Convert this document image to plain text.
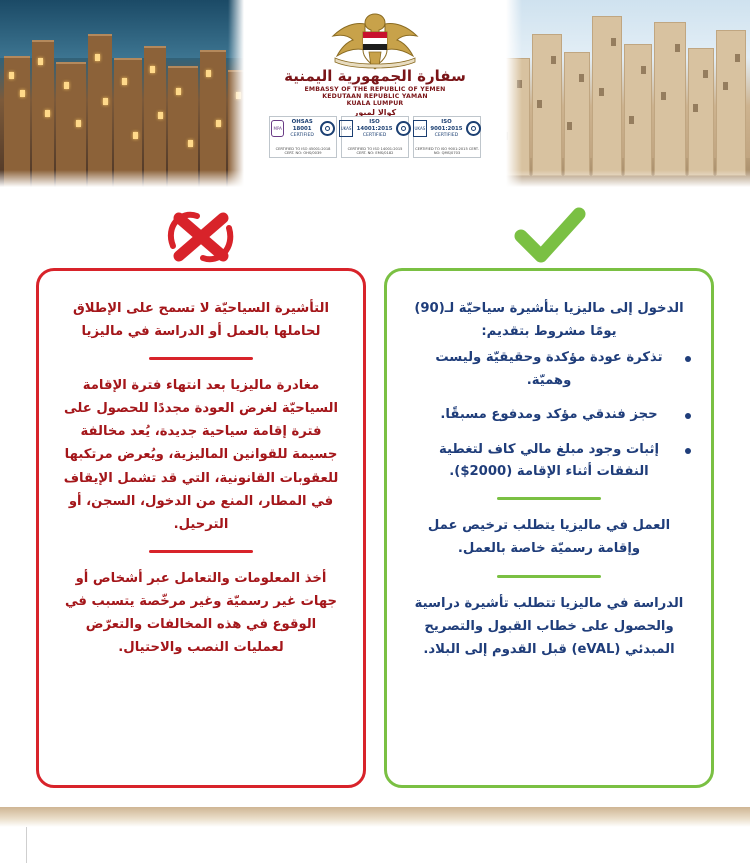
سفارة الجمهورية اليمنية
EMBASSY OF THE REPUBLIC OF YEMEN
KEDUTAAN REPUBLIC YAMAN
KUALA LUMPUR
كوالا لمبور
ISO 9001:2015
CERTIFIED
UKAS
CERTIFIED TO ISO 9001:2015 CERT. NO: QMS/0703
ISO 14001:2015
CERTIFIED
UKAS
CERTIFIED TO ISO 14001:2015 CERT. NO: EMS/0182
OHSAS 18001
CERTIFIED
MPA
CERTIFIED TO ISO 45001:2018 CERT. NO: OHS/0039

التأشيرة السياحيّة لا تسمح على الإطلاق لحاملها بالعمل أو الدراسة في ماليزيا

مغادرة ماليزيا بعد انتهاء فترة الإقامة السياحيّة لغرض العودة مجددًا للحصول على فترة إقامة سياحية جديدة، يُعد مخالفة جسيمة للقوانين الماليزية، ويُعرض مرتكبها للعقوبات القانونية، التي قد تشمل الإيقاف في المطار، المنع من الدخول، السجن، أو الترحيل.

أخذ المعلومات والتعامل عبر أشخاص أو جهات غير رسميّة وغير مرخّصة يتسبب في الوقوع في هذه المخالفات والتعرّض لعمليات النصب والاحتيال.

الدخول إلى ماليزيا بتأشيرة سياحيّة لـ(90) يومًا مشروط بتقديم:

تذكرة عودة مؤكدة وحقيقيّة وليست وهميّة.
حجز فندقي مؤكد ومدفوع مسبقًا.
إثبات وجود مبلغ مالي كاف لتغطية النفقات أثناء الإقامة (2000$).

العمل في ماليزيا يتطلب ترخيص عمل وإقامة رسميّة خاصة بالعمل.

الدراسة في ماليزيا تتطلب تأشيرة دراسية والحصول على خطاب القبول والتصريح المبدئي (eVAL) قبل القدوم إلى البلاد.
